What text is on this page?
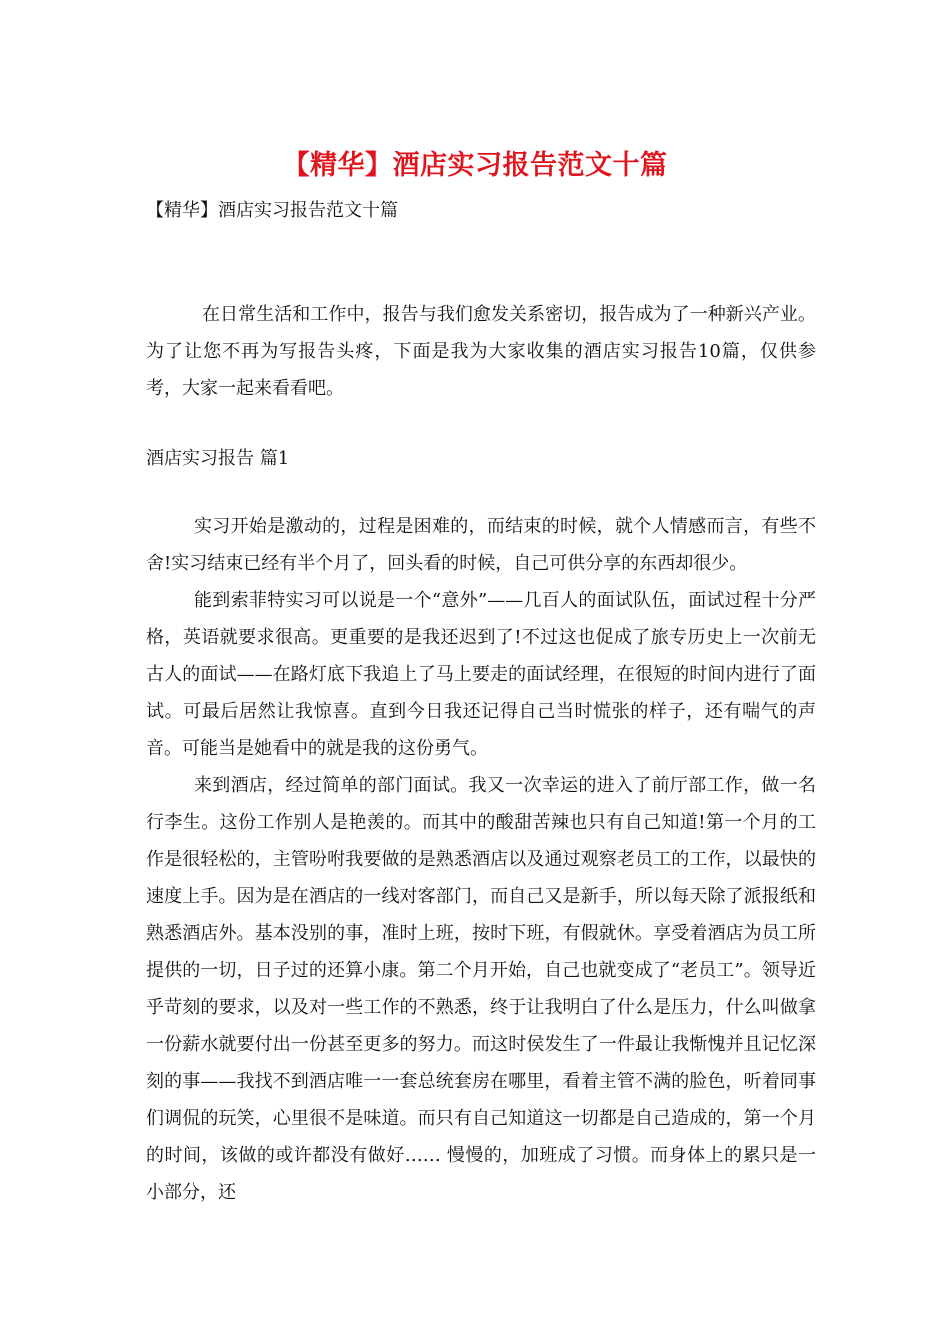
【精华】酒店实习报告范文十篇
【精华】酒店实习报告范文十篇
在日常生活和工作中，报告与我们愈发关系密切，报告成为了一种新兴产业。为了让您不再为写报告头疼，下面是我为大家收集的酒店实习报告10篇，仅供参考，大家一起来看看吧。
酒店实习报告 篇1

实习开始是激动的，过程是困难的，而结束的时候，就个人情感而言，有些不舍!实习结束已经有半个月了，回头看的时候，自己可供分享的东西却很少。

能到索菲特实习可以说是一个“意外”——几百人的面试队伍，面试过程十分严格，英语就要求很高。更重要的是我还迟到了!不过这也促成了旅专历史上一次前无古人的面试——在路灯底下我追上了马上要走的面试经理，在很短的时间内进行了面试。可最后居然让我惊喜。直到今日我还记得自己当时慌张的样子，还有喘气的声音。可能当是她看中的就是我的这份勇气。

来到酒店，经过简单的部门面试。我又一次幸运的进入了前厅部工作，做一名行李生。这份工作别人是艳羡的。而其中的酸甜苦辣也只有自己知道!第一个月的工作是很轻松的，主管吩咐我要做的是熟悉酒店以及通过观察老员工的工作，以最快的速度上手。因为是在酒店的一线对客部门，而自己又是新手，所以每天除了派报纸和熟悉酒店外。基本没别的事，准时上班，按时下班，有假就休。享受着酒店为员工所提供的一切，日子过的还算小康。第二个月开始，自己也就变成了“老员工”。领导近乎苛刻的要求，以及对一些工作的不熟悉，终于让我明白了什么是压力，什么叫做拿一份薪水就要付出一份甚至更多的努力。而这时侯发生了一件最让我惭愧并且记忆深刻的事——我找不到酒店唯一一套总统套房在哪里，看着主管不满的脸色，听着同事们调侃的玩笑，心里很不是味道。而只有自己知道这一切都是自己造成的，第一个月的时间，该做的或许都没有做好…… 慢慢的，加班成了习惯。而身体上的累只是一小部分，还
